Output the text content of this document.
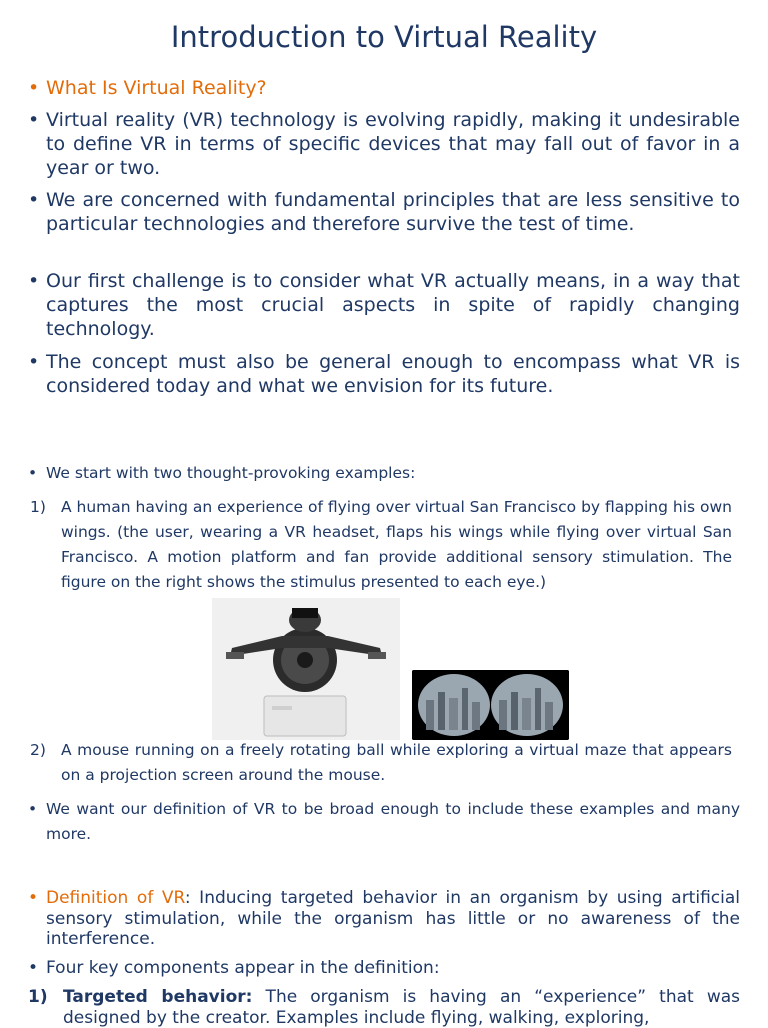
Introduction to Virtual Reality
• What Is Virtual Reality?
• Virtual reality (VR) technology is evolving rapidly, making it undesirable to define VR in terms of specific devices that may fall out of favor in a year or two.
• We are concerned with fundamental principles that are less sensitive to particular technologies and therefore survive the test of time.
• Our first challenge is to consider what VR actually means, in a way that captures the most crucial aspects in spite of rapidly changing technology.
• The concept must also be general enough to encompass what VR is considered today and what we envision for its future.
• We start with two thought-provoking examples:
1) A human having an experience of flying over virtual San Francisco by flapping his own wings. (the user, wearing a VR headset, flaps his wings while flying over virtual San Francisco. A motion platform and fan provide additional sensory stimulation. The figure on the right shows the stimulus presented to each eye.)
2) A mouse running on a freely rotating ball while exploring a virtual maze that appears on a projection screen around the mouse.
• We want our definition of VR to be broad enough to include these examples and many more.
• Definition of VR: Inducing targeted behavior in an organism by using artificial sensory stimulation, while the organism has little or no awareness of the interference.
• Four key components appear in the definition:
1) Targeted behavior: The organism is having an “experience” that was designed by the creator. Examples include flying, walking, exploring,
